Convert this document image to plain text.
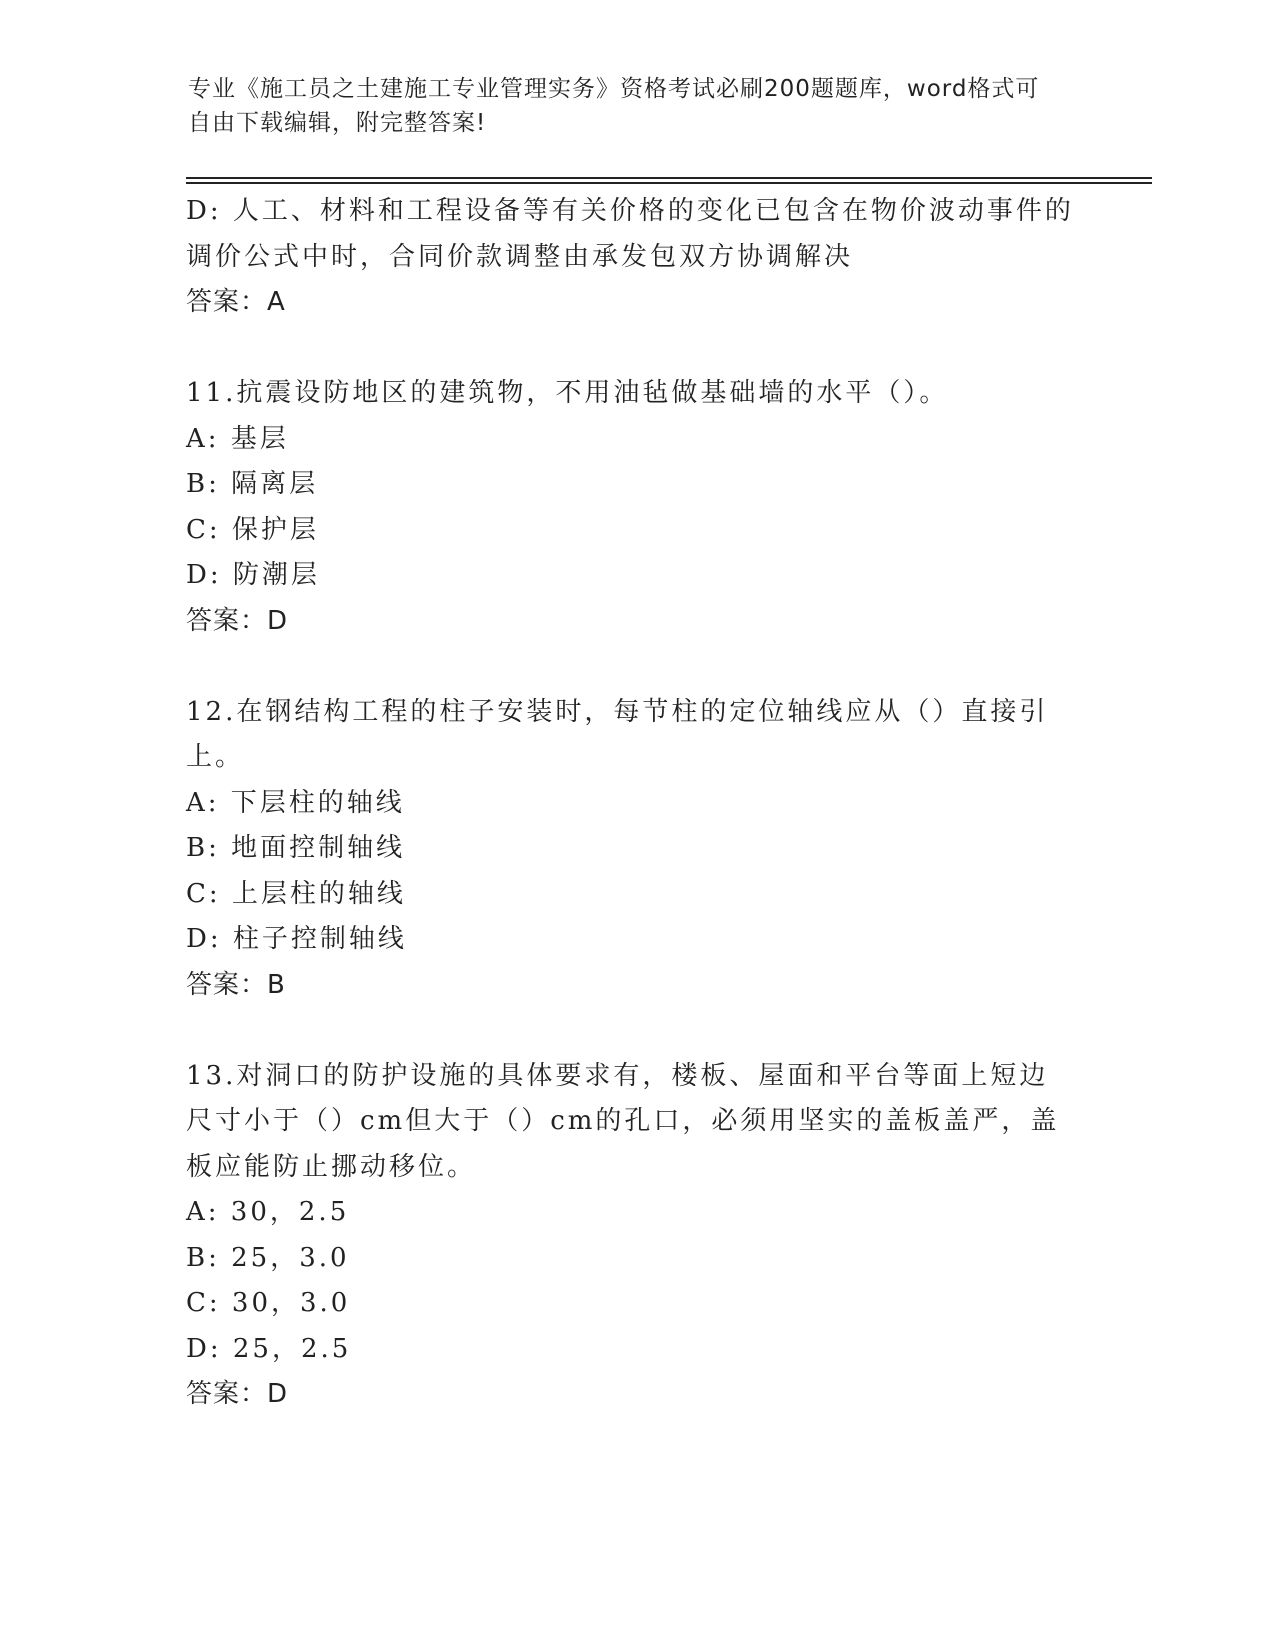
专业《施工员之土建施工专业管理实务》资格考试必刷200题题库，word格式可
自由下载编辑，附完整答案!

D: 人工、材料和工程设备等有关价格的变化已包含在物价波动事件的调价公式中时，合同价款调整由承发包双方协调解决

答案：A

11.抗震设防地区的建筑物，不用油毡做基础墙的水平（）。

A: 基层

B: 隔离层

C: 保护层

D: 防潮层

答案：D

12.在钢结构工程的柱子安装时，每节柱的定位轴线应从（）直接引上。

A: 下层柱的轴线

B: 地面控制轴线

C: 上层柱的轴线

D: 柱子控制轴线

答案：B

13.对洞口的防护设施的具体要求有，楼板、屋面和平台等面上短边尺寸小于（）cm但大于（）cm的孔口，必须用坚实的盖板盖严，盖板应能防止挪动移位。

A: 30，2.5

B: 25，3.0

C: 30，3.0

D: 25，2.5

答案：D
